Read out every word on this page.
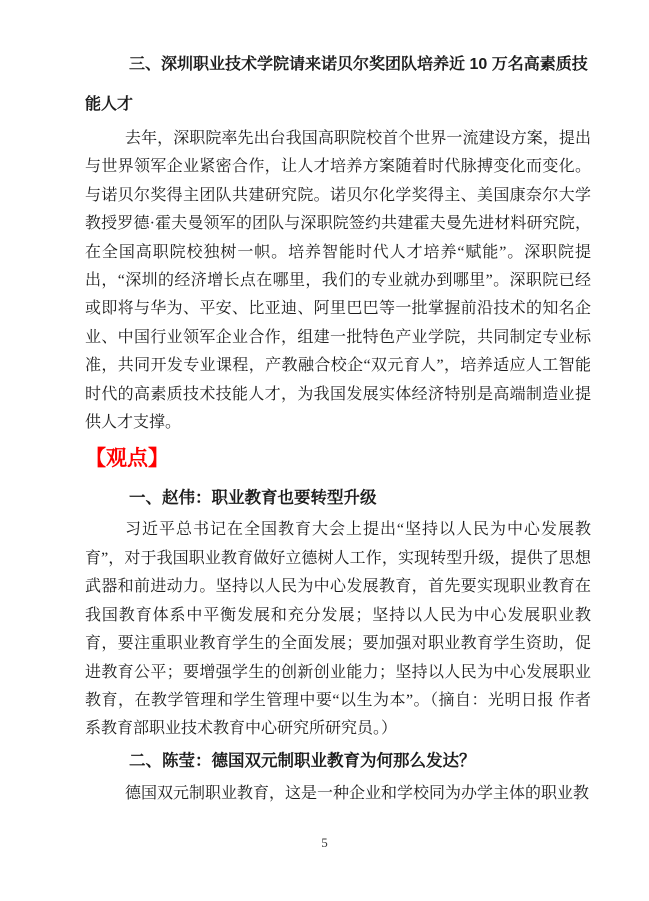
三、深圳职业技术学院请来诺贝尔奖团队培养近 10 万名高素质技能人才

去年，深职院率先出台我国高职院校首个世界一流建设方案，提出与世界领军企业紧密合作，让人才培养方案随着时代脉搏变化而变化。与诺贝尔奖得主团队共建研究院。诺贝尔化学奖得主、美国康奈尔大学教授罗德·霍夫曼领军的团队与深职院签约共建霍夫曼先进材料研究院，在全国高职院校独树一帜。培养智能时代人才培养“赋能”。深职院提出，“深圳的经济增长点在哪里，我们的专业就办到哪里”。深职院已经或即将与华为、平安、比亚迪、阿里巴巴等一批掌握前沿技术的知名企业、中国行业领军企业合作，组建一批特色产业学院，共同制定专业标准，共同开发专业课程，产教融合校企“双元育人”，培养适应人工智能时代的高素质技术技能人才，为我国发展实体经济特别是高端制造业提供人才支撑。

【观点】
一、赵伟：职业教育也要转型升级

习近平总书记在全国教育大会上提出“坚持以人民为中心发展教育”，对于我国职业教育做好立德树人工作，实现转型升级，提供了思想武器和前进动力。坚持以人民为中心发展教育，首先要实现职业教育在我国教育体系中平衡发展和充分发展；坚持以人民为中心发展职业教育，要注重职业教育学生的全面发展；要加强对职业教育学生资助，促进教育公平；要增强学生的创新创业能力；坚持以人民为中心发展职业教育，在教学管理和学生管理中要“以生为本”。（摘自：光明日报 作者系教育部职业技术教育中心研究所研究员。）

二、陈莹：德国双元制职业教育为何那么发达？

德国双元制职业教育，这是一种企业和学校同为办学主体的职业教

5
